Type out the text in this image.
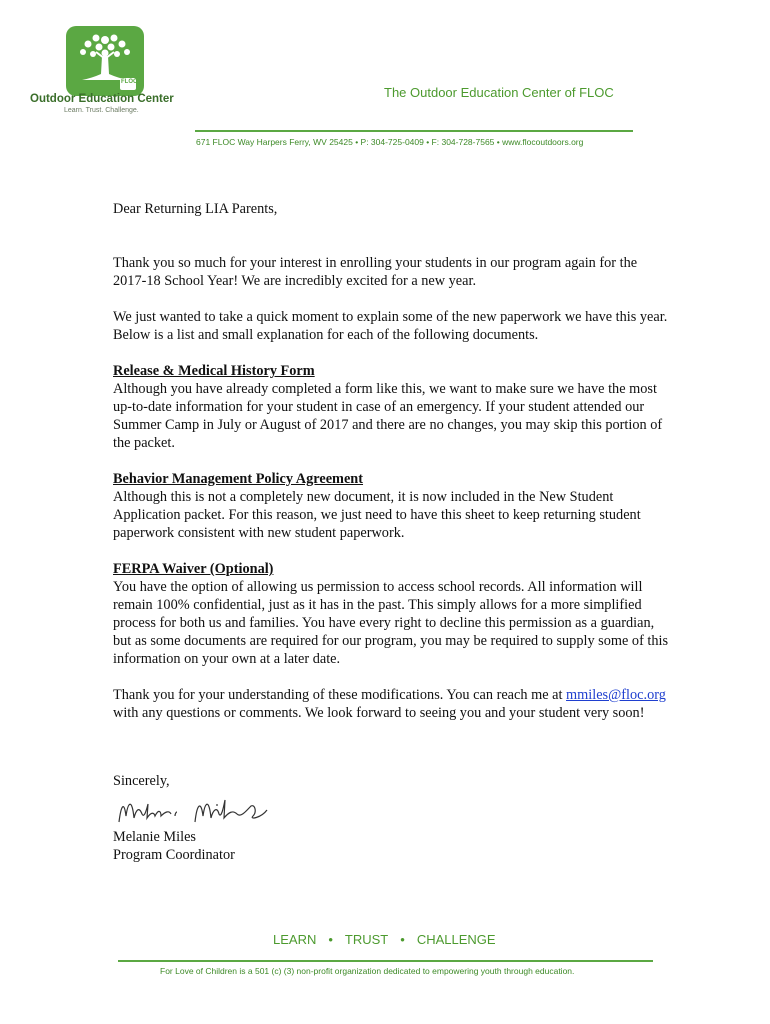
FLOC
Outdoor Education Center
Learn. Trust. Challenge.
The Outdoor Education Center of FLOC
671 FLOC Way Harpers Ferry, WV 25425 • P: 304-725-0409 • F: 304-728-7565 • www.flocoutdoors.org

Dear Returning LIA Parents,

Thank you so much for your interest in enrolling your students in our program again for the 2017-18 School Year! We are incredibly excited for a new year.

We just wanted to take a quick moment to explain some of the new paperwork we have this year. Below is a list and small explanation for each of the following documents.

Release & Medical History Form
Although you have already completed a form like this, we want to make sure we have the most up-to-date information for your student in case of an emergency. If your student attended our Summer Camp in July or August of 2017 and there are no changes, you may skip this portion of the packet.
Behavior Management Policy Agreement
Although this is not a completely new document, it is now included in the New Student Application packet. For this reason, we just need to have this sheet to keep returning student paperwork consistent with new student paperwork.
FERPA Waiver (Optional)
You have the option of allowing us permission to access school records. All information will remain 100% confidential, just as it has in the past. This simply allows for a more simplified process for both us and families. You have every right to decline this permission as a guardian, but as some documents are required for our program, you may be required to supply some of this information on your own at a later date.

Thank you for your understanding of these modifications. You can reach me at mmiles@floc.org with any questions or comments. We look forward to seeing you and your student very soon!

Sincerely,
Melanie Miles
Program Coordinator
LEARN • TRUST • CHALLENGE
For Love of Children is a 501 (c) (3) non-profit organization dedicated to empowering youth through education.
